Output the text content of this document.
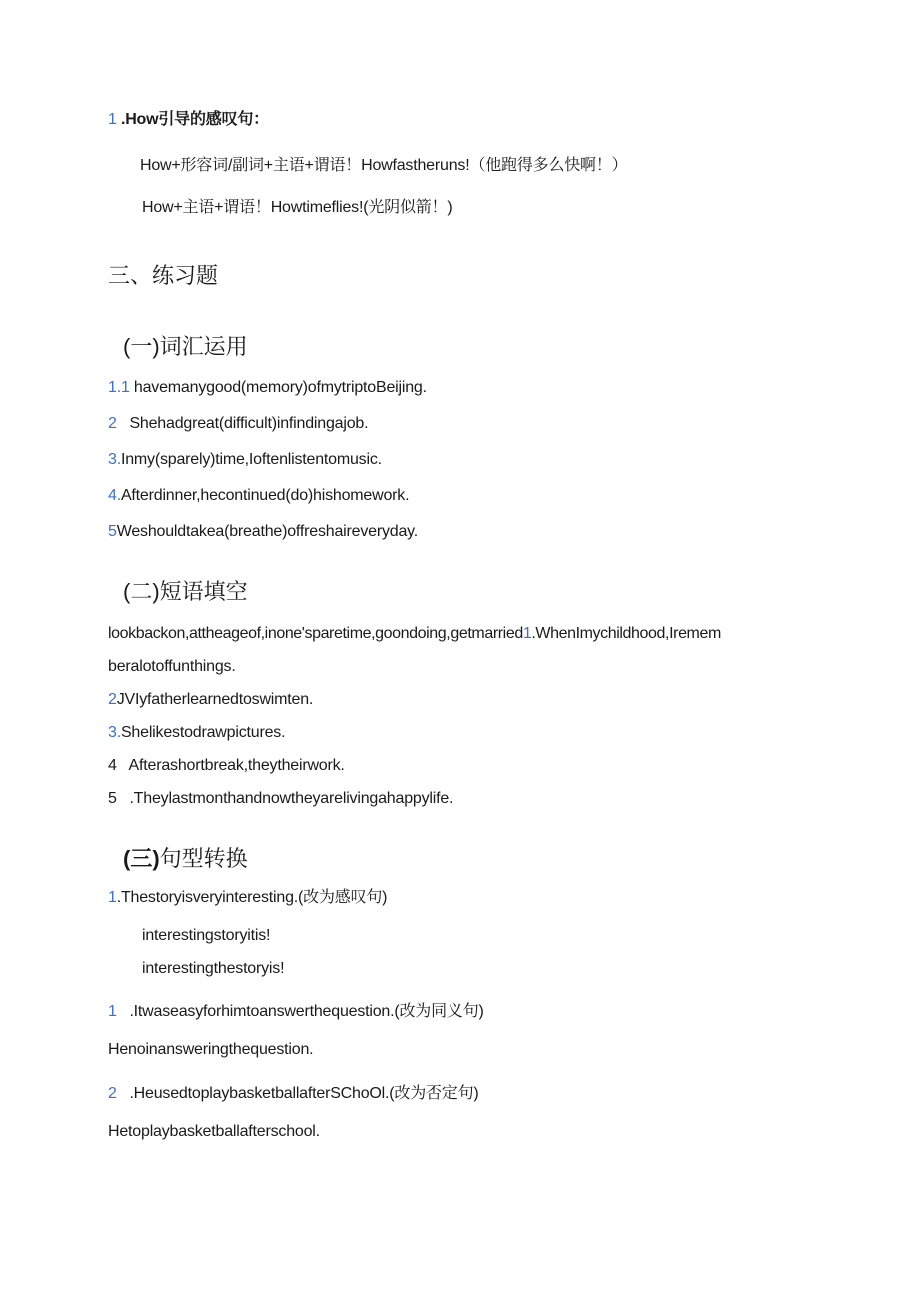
1 .How引导的感叹句：
How+形容词/副词+主语+谓语！Howfastheruns!（他跑得多么快啊！）
How+主语+谓语！Howtimeflies!(光阴似箭！)
三、练习题
(一)词汇运用
1.1 havemanygood(memory)ofmytriptoBeijing.
2   Shehadgreat(difficult)infindingajob.
3.Inmy(sparely)time,Ioftenlistentomusic.
4.Afterdinner,hecontinued(do)hishomework.
5Weshouldtakea(breathe)offreshaireveryday.
(二)短语填空
lookbackon,attheageof,inone'sparetime,goondoing,getmarried1.WhenImychildhood,Iremem
beralotoffunthings.
2JVIyfatherlearnedtoswimten.
3.Shelikestodrawpictures.
4   Afterashortbreak,theytheirwork.
5   .Theylastmonthandnowtheyarelivingahappylife.
(三)句型转换
1.Thestoryisveryinteresting.(改为感叹句)
interestingstoryitis!
interestingthestoryis!
1   .Itwaseasyforhimtoanswerthequestion.(改为同义句)
Henoinansweringthequestion.
2   .HeusedtoplaybasketballafterSChoOl.(改为否定句)
Hetoplaybasketballafterschool.
